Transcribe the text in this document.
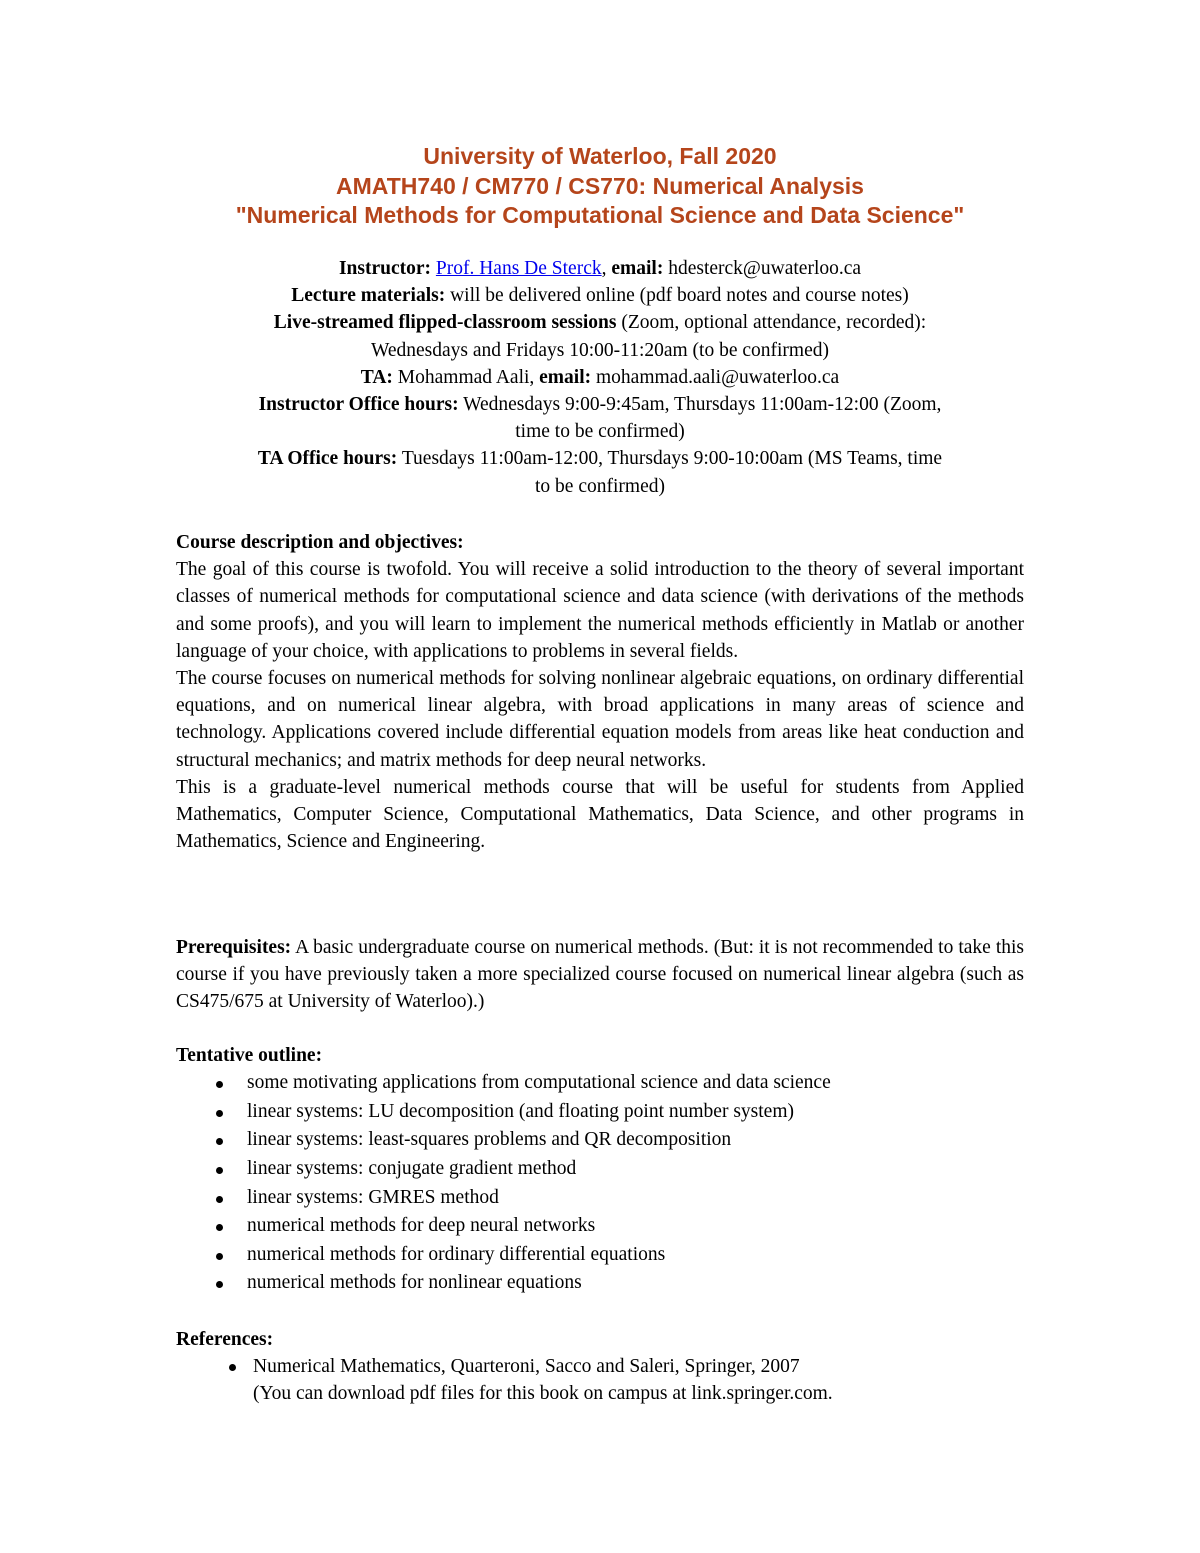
University of Waterloo, Fall 2020
AMATH740 / CM770 / CS770: Numerical Analysis
"Numerical Methods for Computational Science and Data Science"
Instructor: Prof. Hans De Sterck, email: hdesterck@uwaterloo.ca
Lecture materials: will be delivered online (pdf board notes and course notes)
Live-streamed flipped-classroom sessions (Zoom, optional attendance, recorded):
Wednesdays and Fridays 10:00-11:20am (to be confirmed)
TA: Mohammad Aali, email: mohammad.aali@uwaterloo.ca
Instructor Office hours: Wednesdays 9:00-9:45am, Thursdays 11:00am-12:00 (Zoom,
time to be confirmed)
TA Office hours: Tuesdays 11:00am-12:00, Thursdays 9:00-10:00am (MS Teams, time
to be confirmed)
Course description and objectives:
The goal of this course is twofold. You will receive a solid introduction to the theory of several important classes of numerical methods for computational science and data science (with derivations of the methods and some proofs), and you will learn to implement the numerical methods efficiently in Matlab or another language of your choice, with applications to problems in several fields.
The course focuses on numerical methods for solving nonlinear algebraic equations, on ordinary differential equations, and on numerical linear algebra, with broad applications in many areas of science and technology. Applications covered include differential equation models from areas like heat conduction and structural mechanics; and matrix methods for deep neural networks.
This is a graduate-level numerical methods course that will be useful for students from Applied Mathematics, Computer Science, Computational Mathematics, Data Science, and other programs in Mathematics, Science and Engineering.
Prerequisites: A basic undergraduate course on numerical methods. (But: it is not recommended to take this course if you have previously taken a more specialized course focused on numerical linear algebra (such as CS475/675 at University of Waterloo).)
Tentative outline:
some motivating applications from computational science and data science
linear systems: LU decomposition (and floating point number system)
linear systems: least-squares problems and QR decomposition
linear systems: conjugate gradient method
linear systems: GMRES method
numerical methods for deep neural networks
numerical methods for ordinary differential equations
numerical methods for nonlinear equations
References:
Numerical Mathematics, Quarteroni, Sacco and Saleri, Springer, 2007
(You can download pdf files for this book on campus at link.springer.com.
